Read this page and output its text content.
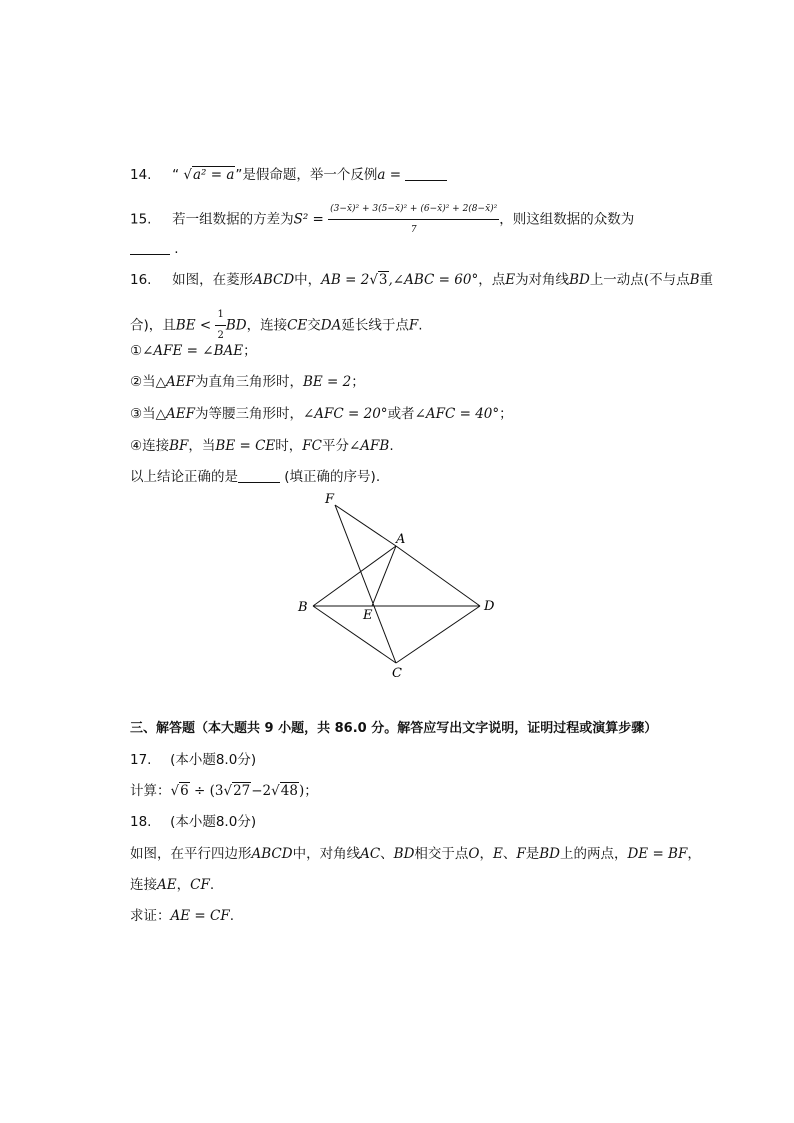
14. “ √a² = a”是假命题，举一个反例a =
15. 若一组数据的方差为$S^2 = \frac{\text{(3−x̄)² + 3(5−x̄)² + (6−x̄)² + 2(8−x̄)²}}{7}$ ，则这组数据的众数为
.
16. 如图，在菱形ABCD中，AB = 2√3,∠ABC = 60°，点E为对角线BD上一动点(不与点B重
合)，且BE < $\frac{1}{2}$ BD，连接CE交DA延长线于点F.
①∠AFE = ∠BAE；
②当△AEF为直角三角形时，BE = 2；
③当△AEF为等腰三角形时，∠AFC = 20°或者∠AFC = 40°；
④连接BF，当BE = CE时，FC平分∠AFB.
以上结论正确的是	(填正确的序号).
F
A
B
E
D
C
三、解答题（本大题共 9 小题，共 86.0 分。解答应写出文字说明，证明过程或演算步骤）
17. (本小题8.0分)
计算：√6 ÷ (3√27−2√48)；
18. (本小题8.0分)
如图，在平行四边形ABCD中，对角线AC、BD相交于点O，E、F是BD上的两点，DE = BF，
连接AE，CF.
求证：AE = CF.
